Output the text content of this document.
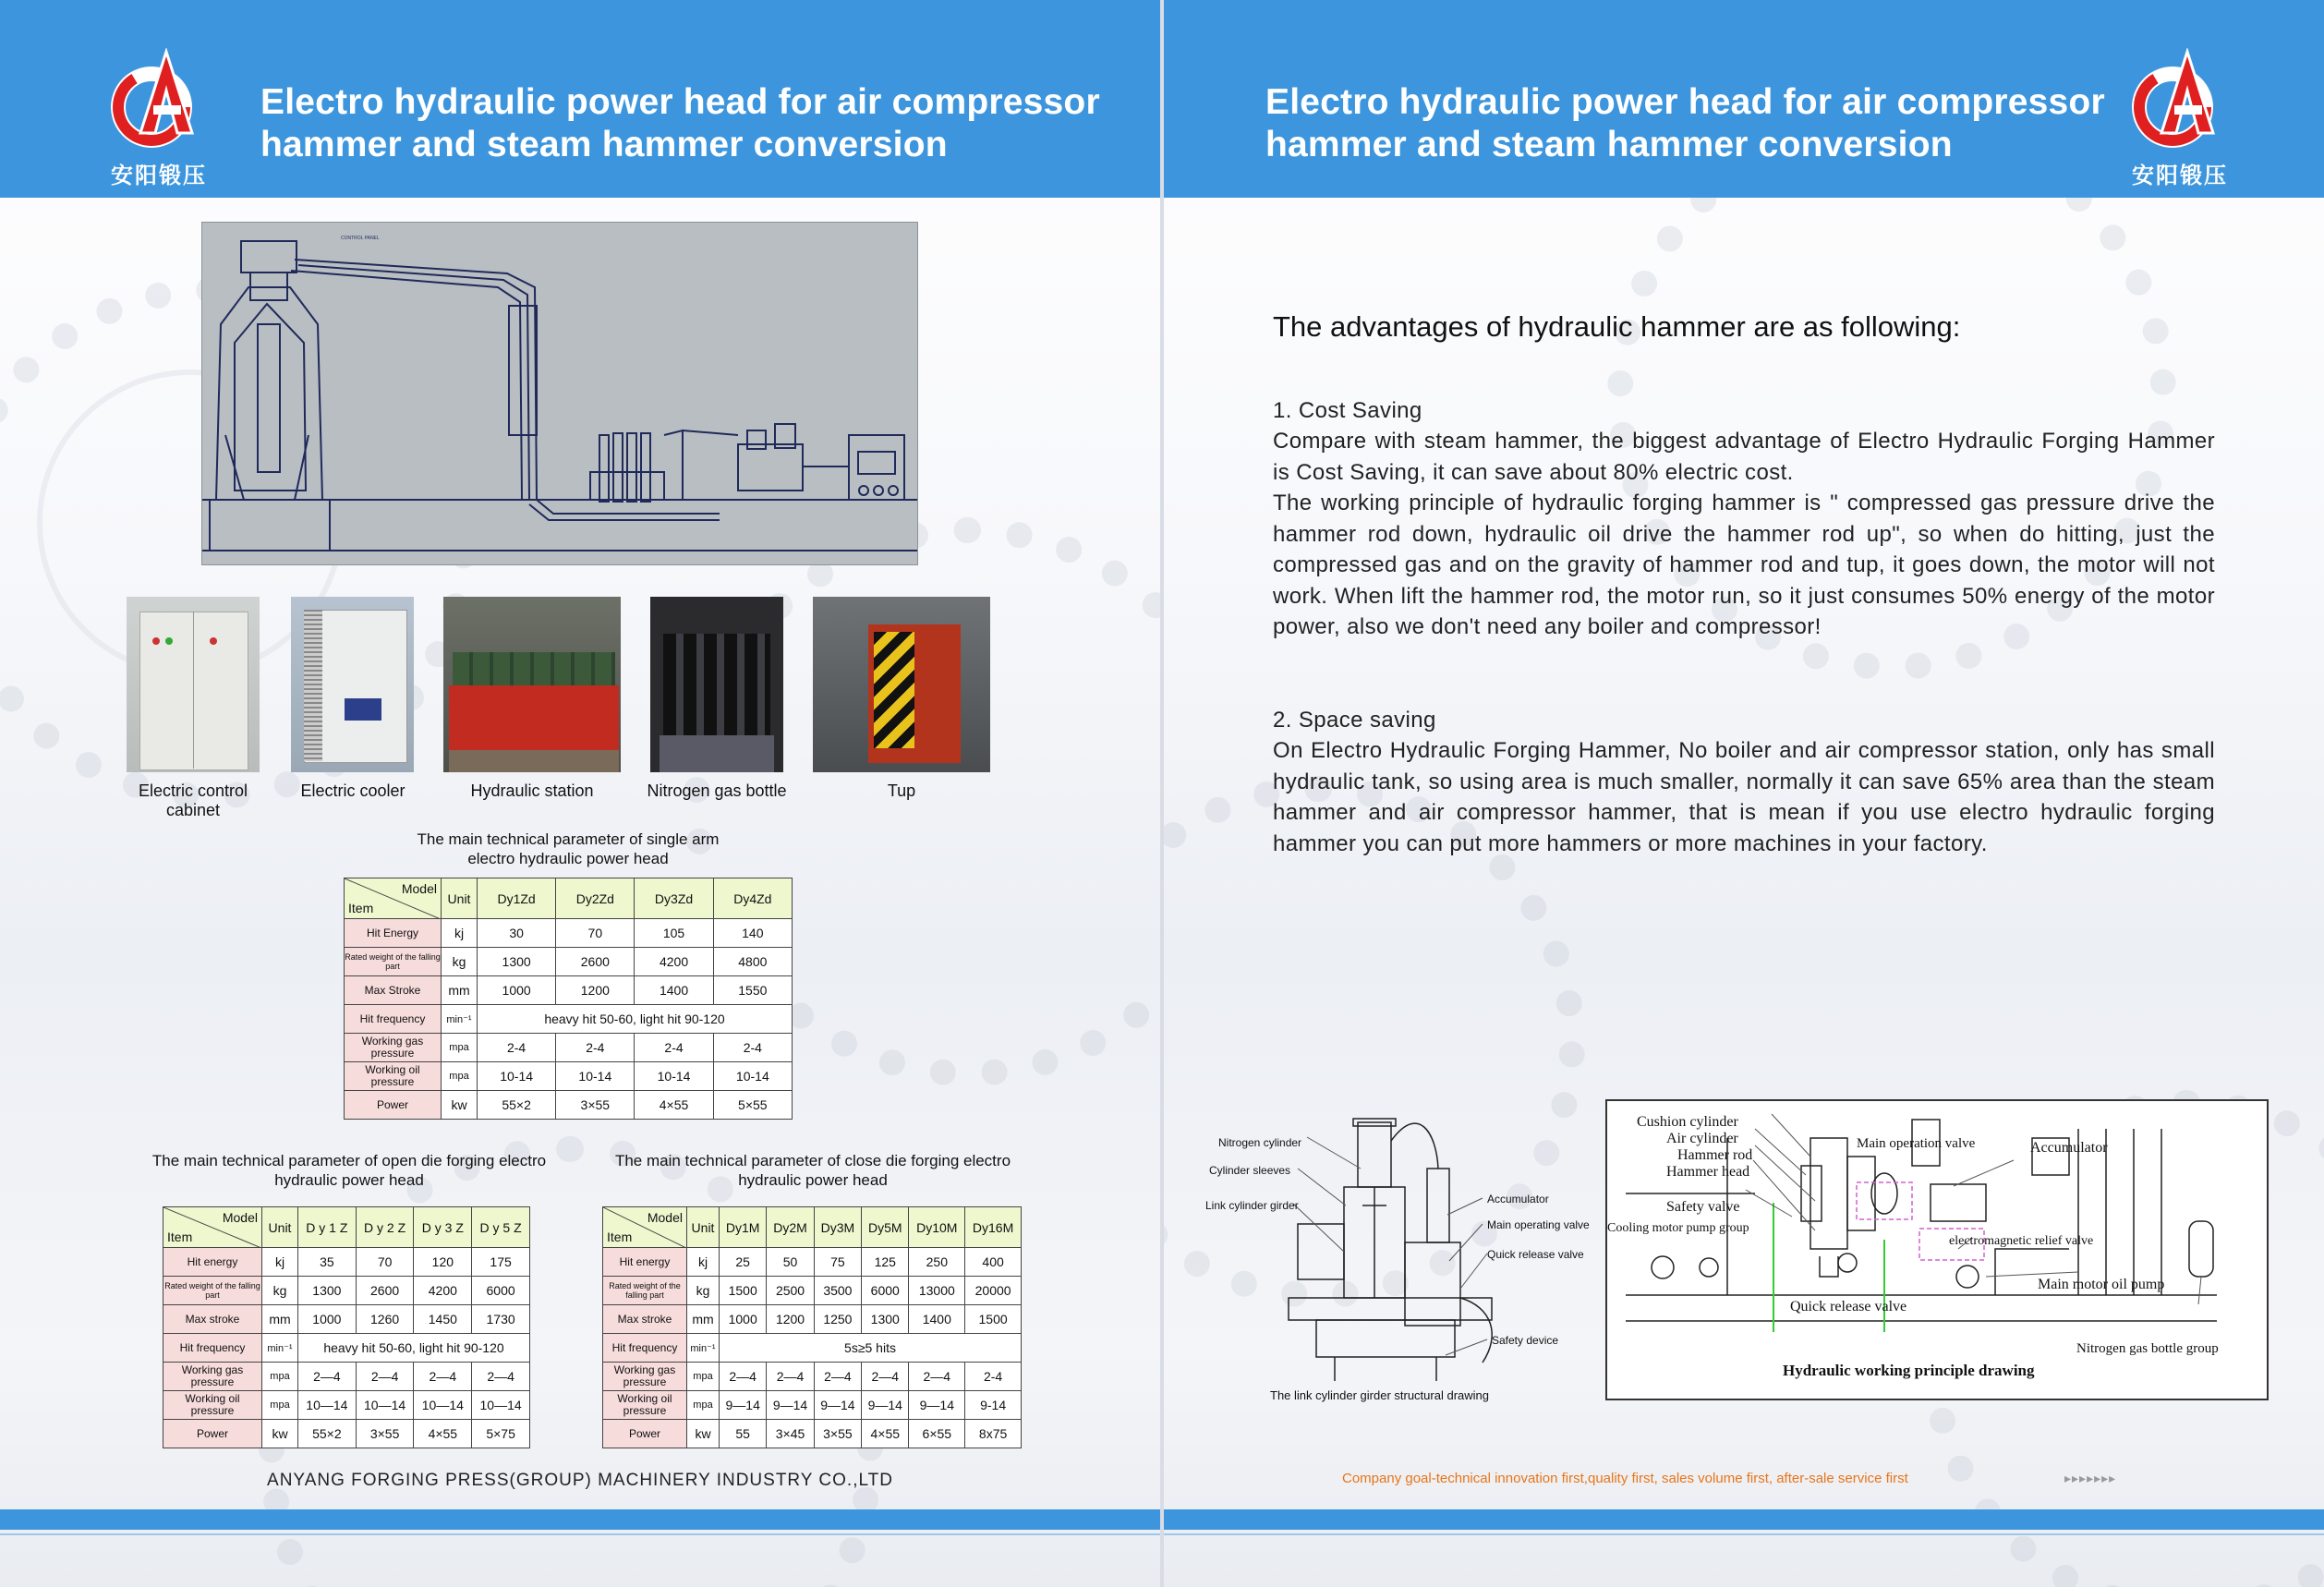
安阳锻压
Electro hydraulic power head for air compressor
hammer and steam hammer conversion
CONTROL PANEL
Electric control cabinet
Electric cooler	Hydraulic station	Nitrogen gas bottle	Tup
The main technical parameter of single arm
electro hydraulic power head
Model
Item	Unit	Dy1Zd	Dy2Zd	Dy3Zd	Dy4Zd
Hit Energy	kj	30	70	105	140
Rated weight of the falling part	kg	1300	2600	4200	4800
Max Stroke	mm	1000	1200	1400	1550
Hit frequency	min⁻¹	heavy hit 50-60, light hit 90-120			
Working gas pressure	mpa	2-4	2-4	2-4	2-4
Working oil pressure	mpa	10-14	10-14	10-14	10-14
Power	kw	55×2	3×55	4×55	5×55
The main technical parameter of open die forging electro
hydraulic power head
Model
Item	Unit	D y 1 Z	D y 2 Z	D y 3 Z	D y 5 Z
Hit energy	kj	35	70	120	175
Rated weight of the falling part	kg	1300	2600	4200	6000
Max stroke	mm	1000	1260	1450	1730
Hit frequency	min⁻¹	heavy hit 50-60, light hit 90-120			
Working gas pressure	mpa	2—4	2—4	2—4	2—4
Working oil pressure	mpa	10—14	10—14	10—14	10—14
Power	kw	55×2	3×55	4×55	5×75
The main technical parameter of close die forging electro
hydraulic power head
Model
Item	Unit	Dy1M	Dy2M	Dy3M	Dy5M	Dy10M	Dy16M
Hit energy	kj	25	50	75	125	250	400
Rated weight of the falling part	kg	1500	2500	3500	6000	13000	20000
Max stroke	mm	1000	1200	1250	1300	1400	1500
Hit frequency	min⁻¹	5s≥5 hits					
Working gas pressure	mpa	2—4	2—4	2—4	2—4	2—4	2-4
Working oil pressure	mpa	9—14	9—14	9—14	9—14	9—14	9-14
Power	kw	55	3×45	3×55	4×55	6×55	8x75
ANYANG FORGING PRESS(GROUP) MACHINERY INDUSTRY CO.,LTD
Electro hydraulic power head for air compressor
hammer and steam hammer conversion
安阳锻压
The advantages of hydraulic hammer are as following:
1. Cost Saving
Compare with steam hammer, the biggest advantage of Electro Hydraulic Forging Hammer is Cost Saving, it can save about 80% electric cost.
The working principle of hydraulic forging hammer is " compressed gas pressure drive the hammer rod down, hydraulic oil drive the hammer rod up", so when do hitting, just the compressed gas and on the gravity of hammer rod and tup, it goes down, the motor will not work. When lift the hammer rod, the motor run, so it just consumes 50% energy of the motor power, also we don't need any boiler and compressor!
2. Space saving
On Electro Hydraulic Forging Hammer, No boiler and air compressor station, only has small hydraulic tank, so using area is much smaller, normally it can save 65% area than the steam hammer and air compressor hammer, that is mean if you use electro hydraulic forging hammer you can put more hammers or more machines in your factory.
Nitrogen cylinder
Cylinder sleeves
Link cylinder girder	Accumulator
Main operating valve
Quick release valve
Safety device
The link cylinder girder structural drawing
Cushion cylinder
Air cylinder
Hammer rod
Hammer head
Safety valve
Cooling motor pump group
Main operation valve	Accumulator
electromagnetic relief valve
Quick release valve
Main motor oil pump
Nitrogen gas bottle group
Hydraulic working principle drawing
Company goal-technical innovation first,quality first, sales volume first, after-sale service first	▸▸▸▸▸▸▸
